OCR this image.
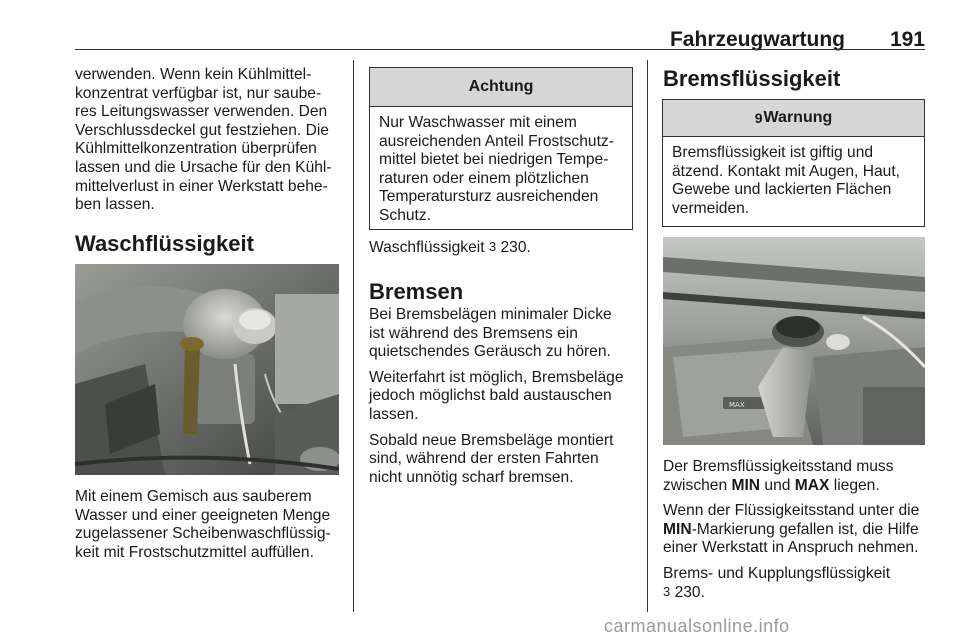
Fahrzeugwartung 191

verwenden. Wenn kein Kühlmittel-
konzentrat verfügbar ist, nur saube-
res Leitungswasser verwenden. Den
Verschlussdeckel gut festziehen. Die
Kühlmittelkonzentration überprüfen
lassen und die Ursache für den Kühl-
mittelverlust in einer Werkstatt behe-
ben lassen.

Waschflüssigkeit

Mit einem Gemisch aus sauberem
Wasser und einer geeigneten Menge
zugelassener Scheibenwaschflüssig-
keit mit Frostschutzmittel auffüllen.

Achtung

Nur Waschwasser mit einem
ausreichenden Anteil Frostschutz-
mittel bietet bei niedrigen Tempe-
raturen oder einem plötzlichen
Temperatursturz ausreichenden
Schutz.

Waschflüssigkeit 3 230.
Bremsen

Bei Bremsbelägen minimaler Dicke
ist während des Bremsens ein
quietschendes Geräusch zu hören.

Weiterfahrt ist möglich, Bremsbeläge
jedoch möglichst bald austauschen
lassen.

Sobald neue Bremsbeläge montiert
sind, während der ersten Fahrten
nicht unnötig scharf bremsen.

Bremsflüssigkeit
9 Warnung

Bremsflüssigkeit ist giftig und
ätzend. Kontakt mit Augen, Haut,
Gewebe und lackierten Flächen
vermeiden.

MAX

Der Bremsflüssigkeitsstand muss
zwischen MIN und MAX liegen.

Wenn der Flüssigkeitsstand unter die
MIN-Markierung gefallen ist, die Hilfe
einer Werkstatt in Anspruch nehmen.

Brems- und Kupplungsflüssigkeit
3 230.

carmanualsonline.info
